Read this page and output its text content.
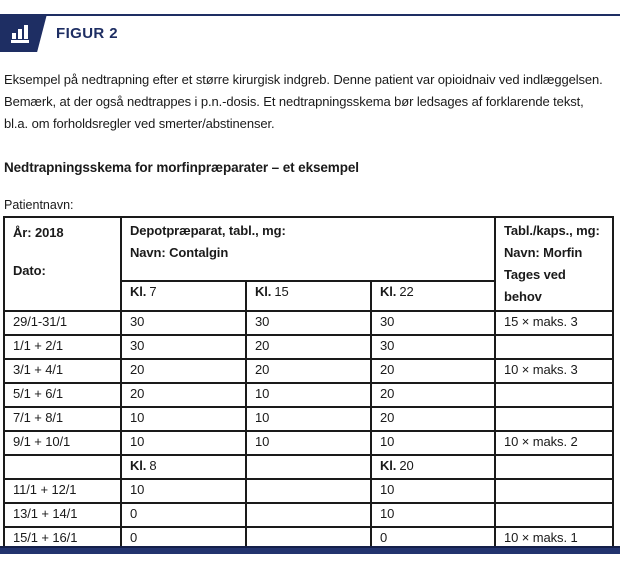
FIGUR 2

Eksempel på nedtrapning efter et større kirurgisk indgreb. Denne patient var opioidnaiv ved indlæggelsen. Bemærk, at der også nedtrappes i p.n.-dosis. Et nedtrapningsskema bør ledsages af forklarende tekst, bl.a. om forholdsregler ved smerter/abstinenser.

Nedtrapningsskema for morfinpræparater – et eksempel
Patientnavn:
År: 2018
Dato:

Depotpræparat, tabl., mg:
Navn: Contalgin

Tabl./kaps., mg:
Navn: Morfin
Tages ved behov

	Kl. 7	Kl. 15	Kl. 22	
29/1-31/1	30	30	30	15 × maks. 3
1/1 + 2/1	30	20	30	
3/1 + 4/1	20	20	20	10 × maks. 3
5/1 + 6/1	20	10	20	
7/1 + 8/1	10	10	20	
9/1 + 10/1	10	10	10	10 × maks. 2
	Kl. 8		Kl. 20	
11/1 + 12/1	10		10	
13/1 + 14/1	0		10	
15/1 + 16/1	0		0	10 × maks. 1
